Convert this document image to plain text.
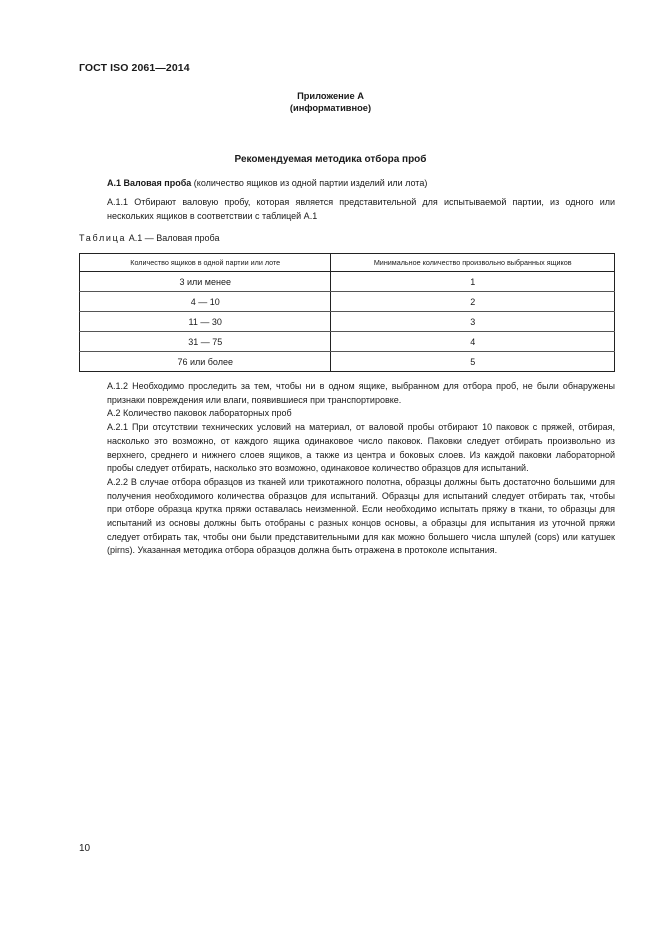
ГОСТ ISO 2061—2014
Приложение А
(информативное)
Рекомендуемая методика отбора проб
А.1 Валовая проба (количество ящиков из одной партии изделий или лота)
А.1.1 Отбирают валовую пробу, которая является представительной для испытываемой партии, из одного или нескольких ящиков в соответствии с таблицей А.1
Таблица А.1 — Валовая проба
Количество ящиков в одной партии или лоте	Минимальное количество произвольно выбранных ящиков
3 или менее	1
4 — 10	2
11 — 30	3
31 — 75	4
76 или более	5
А.1.2 Необходимо проследить за тем, чтобы ни в одном ящике, выбранном для отбора проб, не были обнаружены признаки повреждения или влаги, появившиеся при транспортировке.
А.2 Количество паковок лабораторных проб
А.2.1 При отсутствии технических условий на материал, от валовой пробы отбирают 10 паковок с пряжей, отбирая, насколько это возможно, от каждого ящика одинаковое число паковок. Паковки следует отбирать произвольно из верхнего, среднего и нижнего слоев ящиков, а также из центра и боковых слоев. Из каждой паковки лабораторной пробы следует отбирать, насколько это возможно, одинаковое количество образцов для испытаний.
А.2.2 В случае отбора образцов из тканей или трикотажного полотна, образцы должны быть достаточно большими для получения необходимого количества образцов для испытаний. Образцы для испытаний следует отбирать так, чтобы при отборе образца крутка пряжи оставалась неизменной. Если необходимо испытать пряжу в ткани, то образцы для испытаний из основы должны быть отобраны с разных концов основы, а образцы для испытания из уточной пряжи следует отбирать так, чтобы они были представительными для как можно большего числа шпулей (cops) или катушек (pirns). Указанная методика отбора образцов должна быть отражена в протоколе испытания.
10
